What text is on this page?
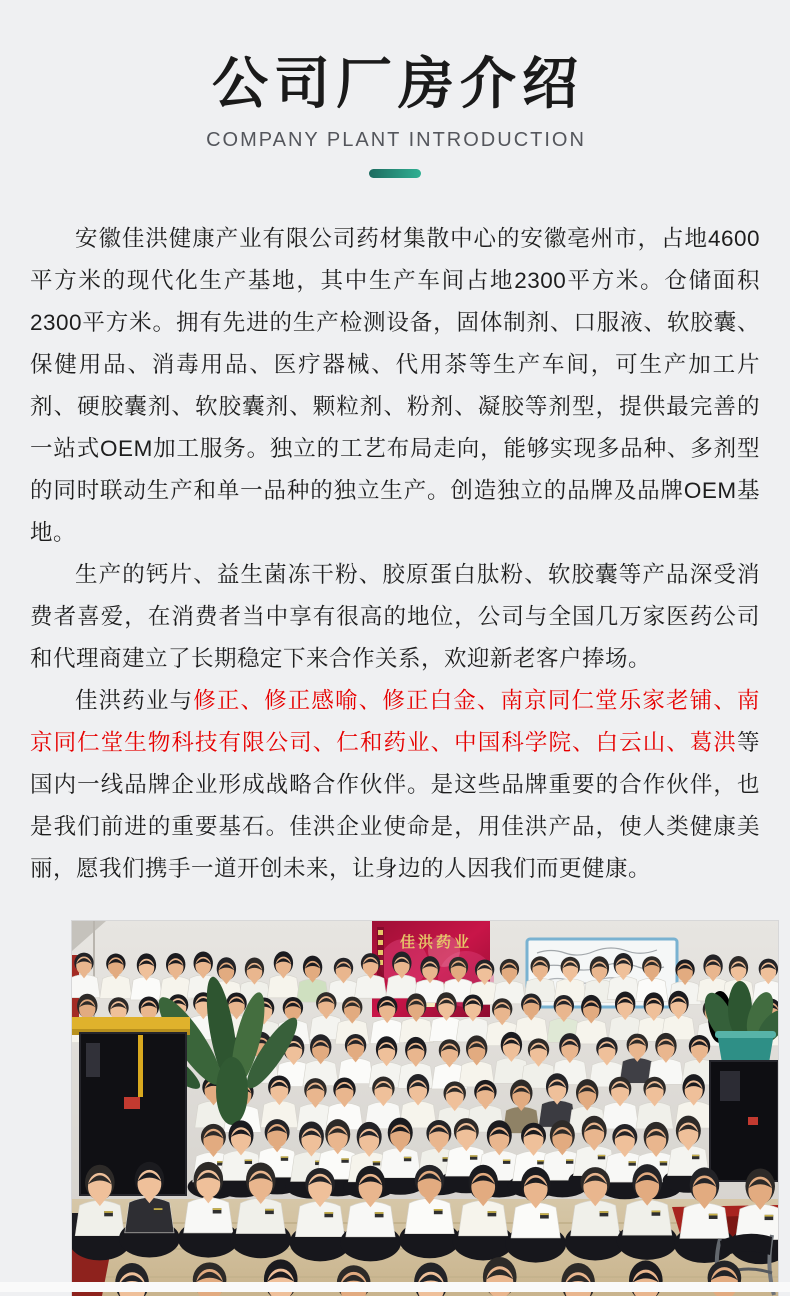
公司厂房介绍
COMPANY PLANT INTRODUCTION

安徽佳洪健康产业有限公司药材集散中心的安徽亳州市，占地4600平方米的现代化生产基地，其中生产车间占地2300平方米。仓储面积2300平方米。拥有先进的生产检测设备，固体制剂、口服液、软胶囊、保健用品、消毒用品、医疗器械、代用茶等生产车间，可生产加工片剂、硬胶囊剂、软胶囊剂、颗粒剂、粉剂、凝胶等剂型，提供最完善的一站式OEM加工服务。独立的工艺布局走向，能够实现多品种、多剂型的同时联动生产和单一品种的独立生产。创造独立的品牌及品牌OEM基地。

生产的钙片、益生菌冻干粉、胶原蛋白肽粉、软胶囊等产品深受消费者喜爱，在消费者当中享有很高的地位，公司与全国几万家医药公司和代理商建立了长期稳定下来合作关系，欢迎新老客户捧场。

佳洪药业与修正、修正感喻、修正白金、南京同仁堂乐家老铺、南京同仁堂生物科技有限公司、仁和药业、中国科学院、白云山、葛洪等国内一线品牌企业形成战略合作伙伴。是这些品牌重要的合作伙伴，也是我们前进的重要基石。佳洪企业使命是，用佳洪产品，使人类健康美丽，愿我们携手一道开创未来，让身边的人因我们而更健康。

佳洪药业
